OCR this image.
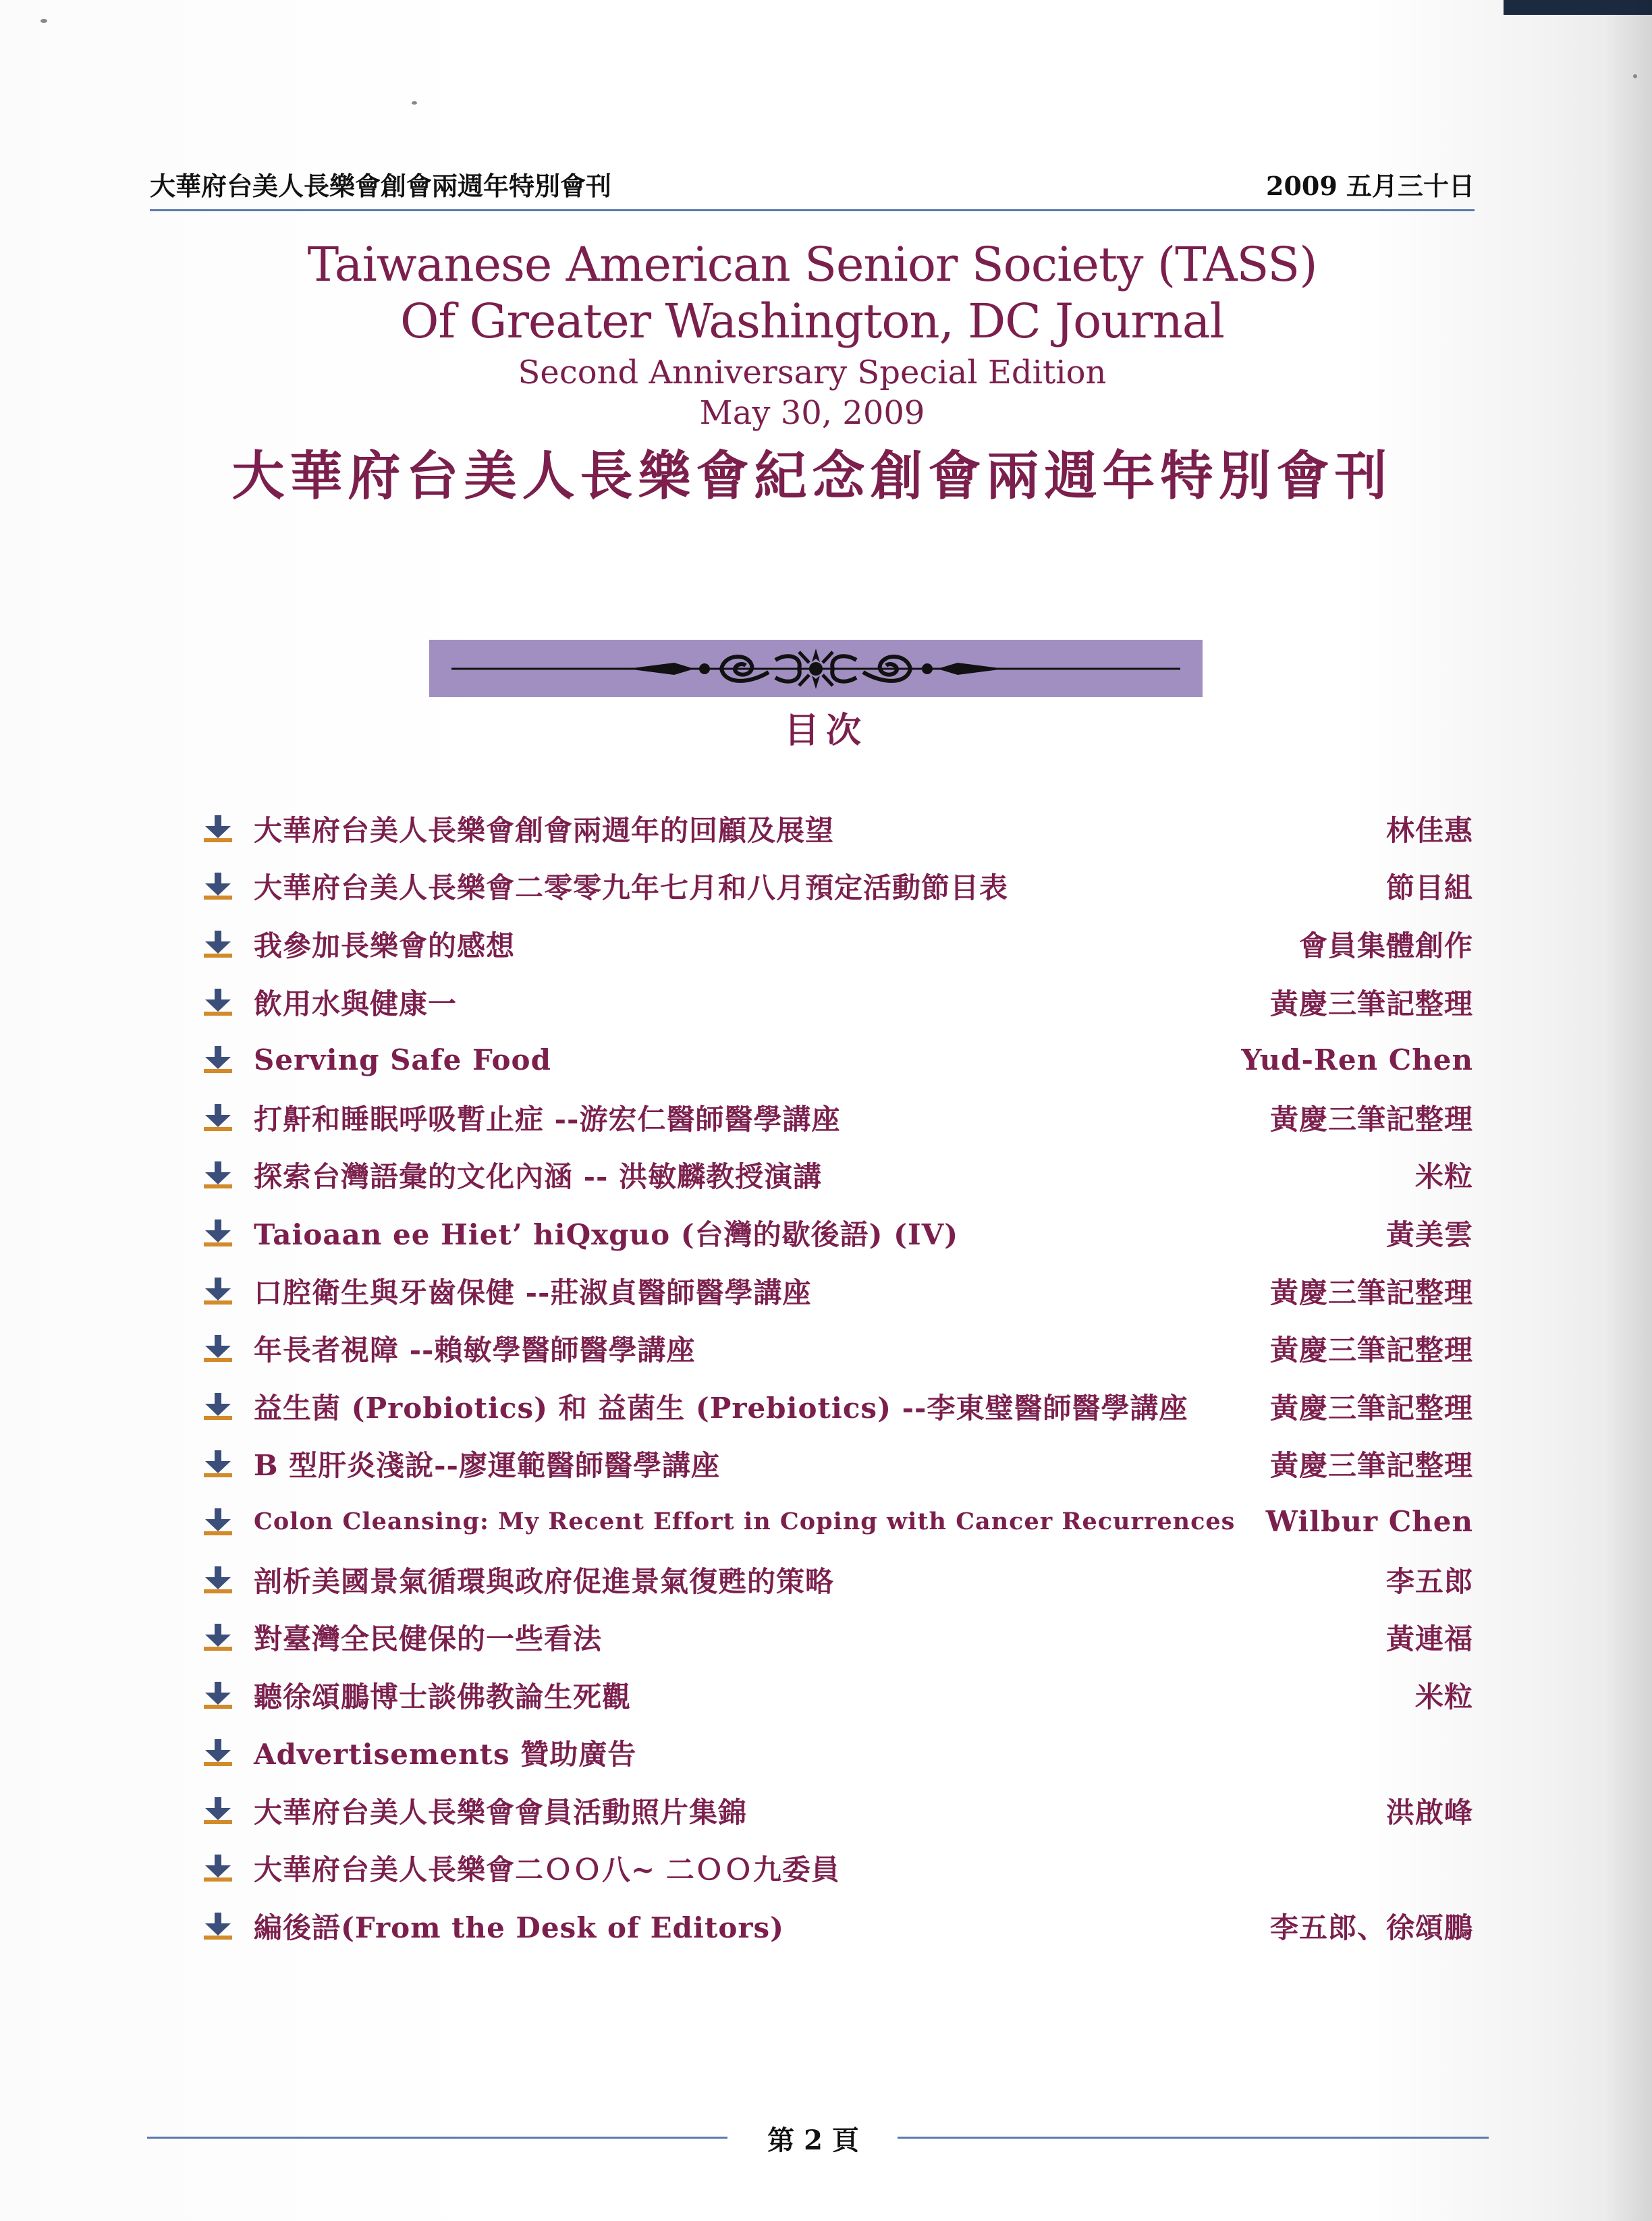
大華府台美人長樂會創會兩週年特別會刊	2009 五月三十日
Taiwanese American Senior Society (TASS)
Of Greater Washington, DC Journal
Second Anniversary Special Edition
May 30, 2009
大華府台美人長樂會紀念創會兩週年特別會刊
目次
大華府台美人長樂會創會兩週年的回顧及展望	林佳惠
大華府台美人長樂會二零零九年七月和八月預定活動節目表	節目組
我參加長樂會的感想	會員集體創作
飲用水與健康一	黃慶三筆記整理
Serving Safe Food	Yud-Ren Chen
打鼾和睡眠呼吸暫止症 --游宏仁醫師醫學講座	黃慶三筆記整理
探索台灣語彙的文化內涵 -- 洪敏麟教授演講	米粒
Taioaan ee Hiet’ hiQxguo (台灣的歇後語) (IV)	黃美雲
口腔衛生與牙齒保健 --莊淑貞醫師醫學講座	黃慶三筆記整理
年長者視障 --賴敏學醫師醫學講座	黃慶三筆記整理
益生菌 (Probiotics) 和 益菌生 (Prebiotics) --李東璧醫師醫學講座	黃慶三筆記整理
B 型肝炎淺說--廖運範醫師醫學講座	黃慶三筆記整理
Colon Cleansing: My Recent Effort in Coping with Cancer Recurrences	Wilbur Chen
剖析美國景氣循環與政府促進景氣復甦的策略	李五郎
對臺灣全民健保的一些看法	黃連福
聽徐頌鵬博士談佛教論生死觀	米粒
Advertisements 贊助廣告
大華府台美人長樂會會員活動照片集錦	洪啟峰
大華府台美人長樂會二ＯＯ八~ 二ＯＯ九委員
編後語(From the Desk of Editors)	李五郎、徐頌鵬
第 2 頁
